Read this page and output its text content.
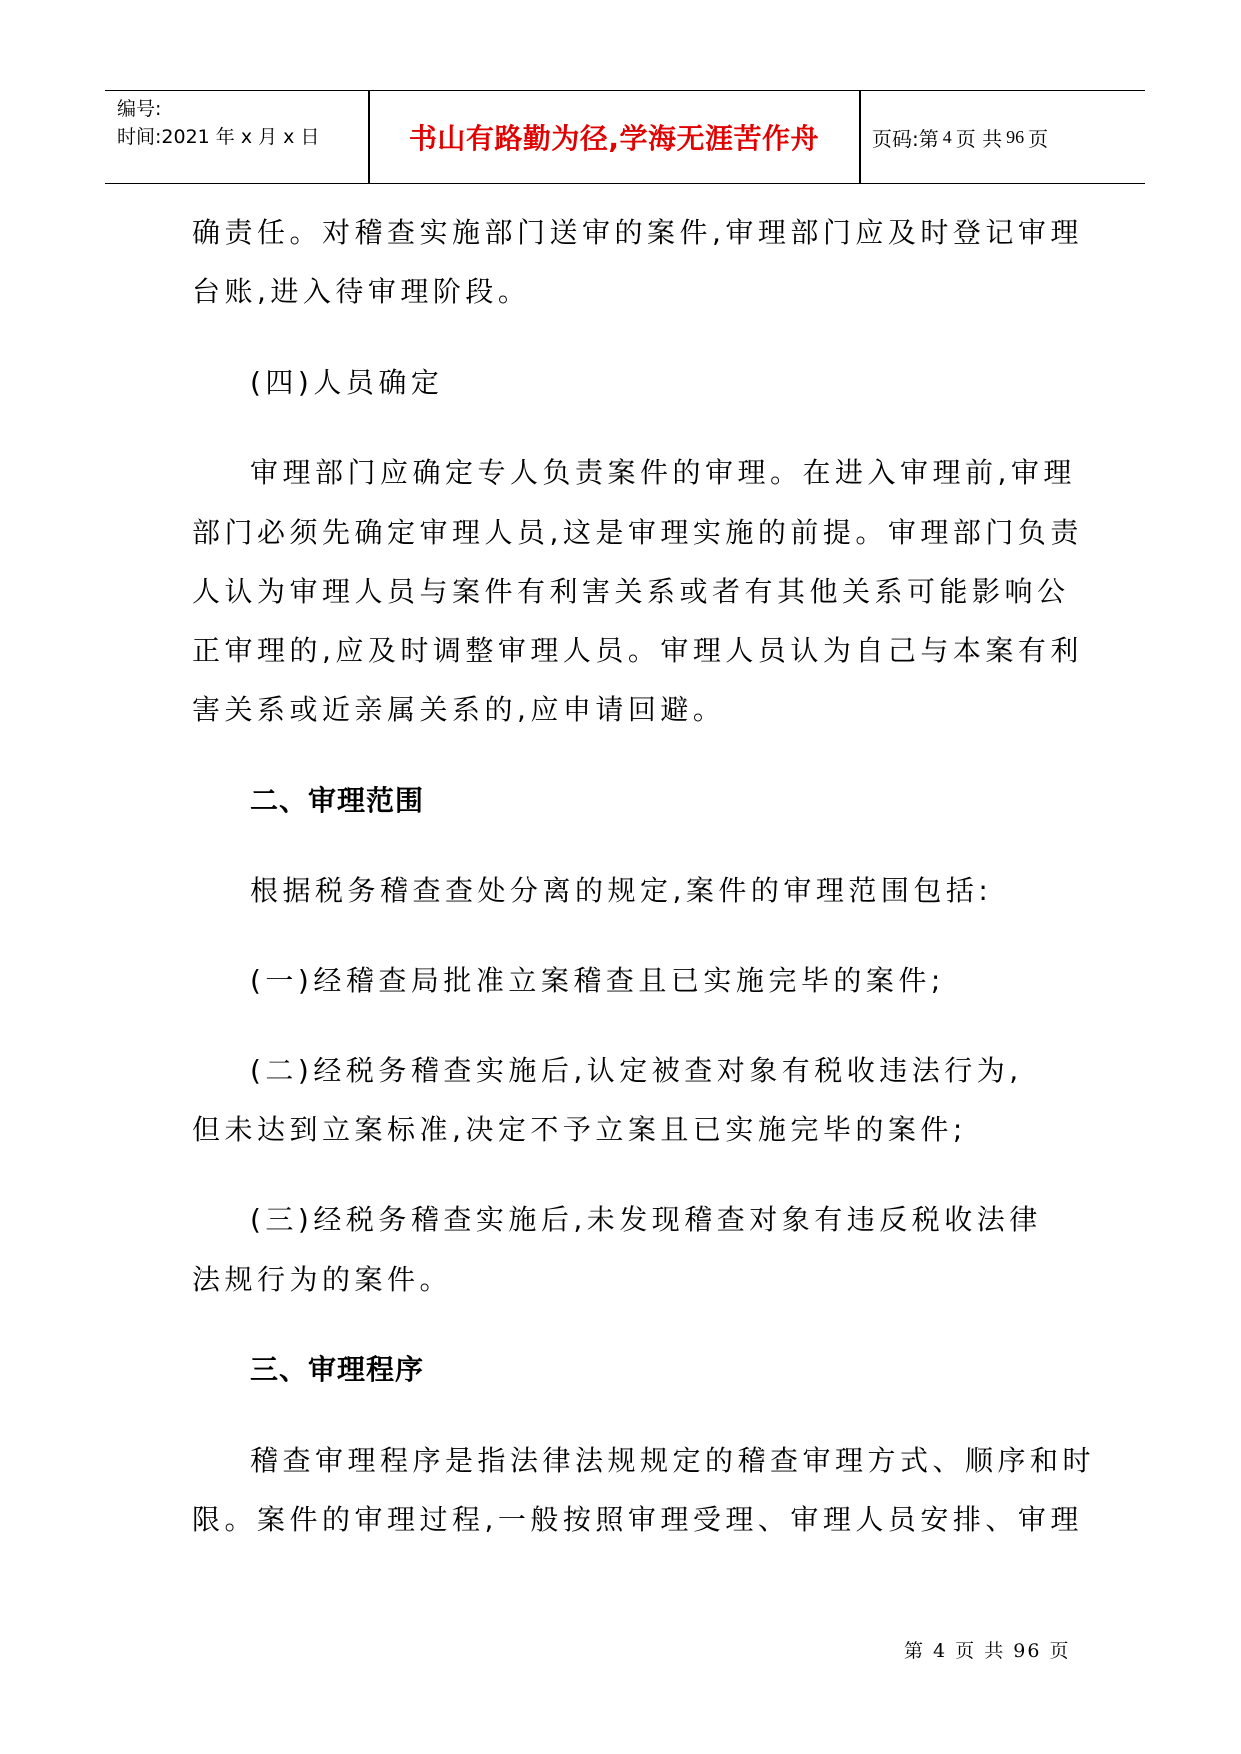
编号:
时间:2021 年 x 月 x 日	书山有路勤为径,学海无涯苦作舟	页码:第 4 页 共 96 页
确责任。对稽查实施部门送审的案件,审理部门应及时登记审理
台账,进入待审理阶段。
(四)人员确定
审理部门应确定专人负责案件的审理。在进入审理前,审理
部门必须先确定审理人员,这是审理实施的前提。审理部门负责
人认为审理人员与案件有利害关系或者有其他关系可能影响公
正审理的,应及时调整审理人员。审理人员认为自己与本案有利
害关系或近亲属关系的,应申请回避。
二、审理范围
根据税务稽查查处分离的规定,案件的审理范围包括:
(一)经稽查局批准立案稽查且已实施完毕的案件;
(二)经税务稽查实施后,认定被查对象有税收违法行为,
但未达到立案标准,决定不予立案且已实施完毕的案件;
(三)经税务稽查实施后,未发现稽查对象有违反税收法律
法规行为的案件。
三、审理程序
稽查审理程序是指法律法规规定的稽查审理方式、顺序和时
限。案件的审理过程,一般按照审理受理、审理人员安排、审理
第 4 页 共 96 页
